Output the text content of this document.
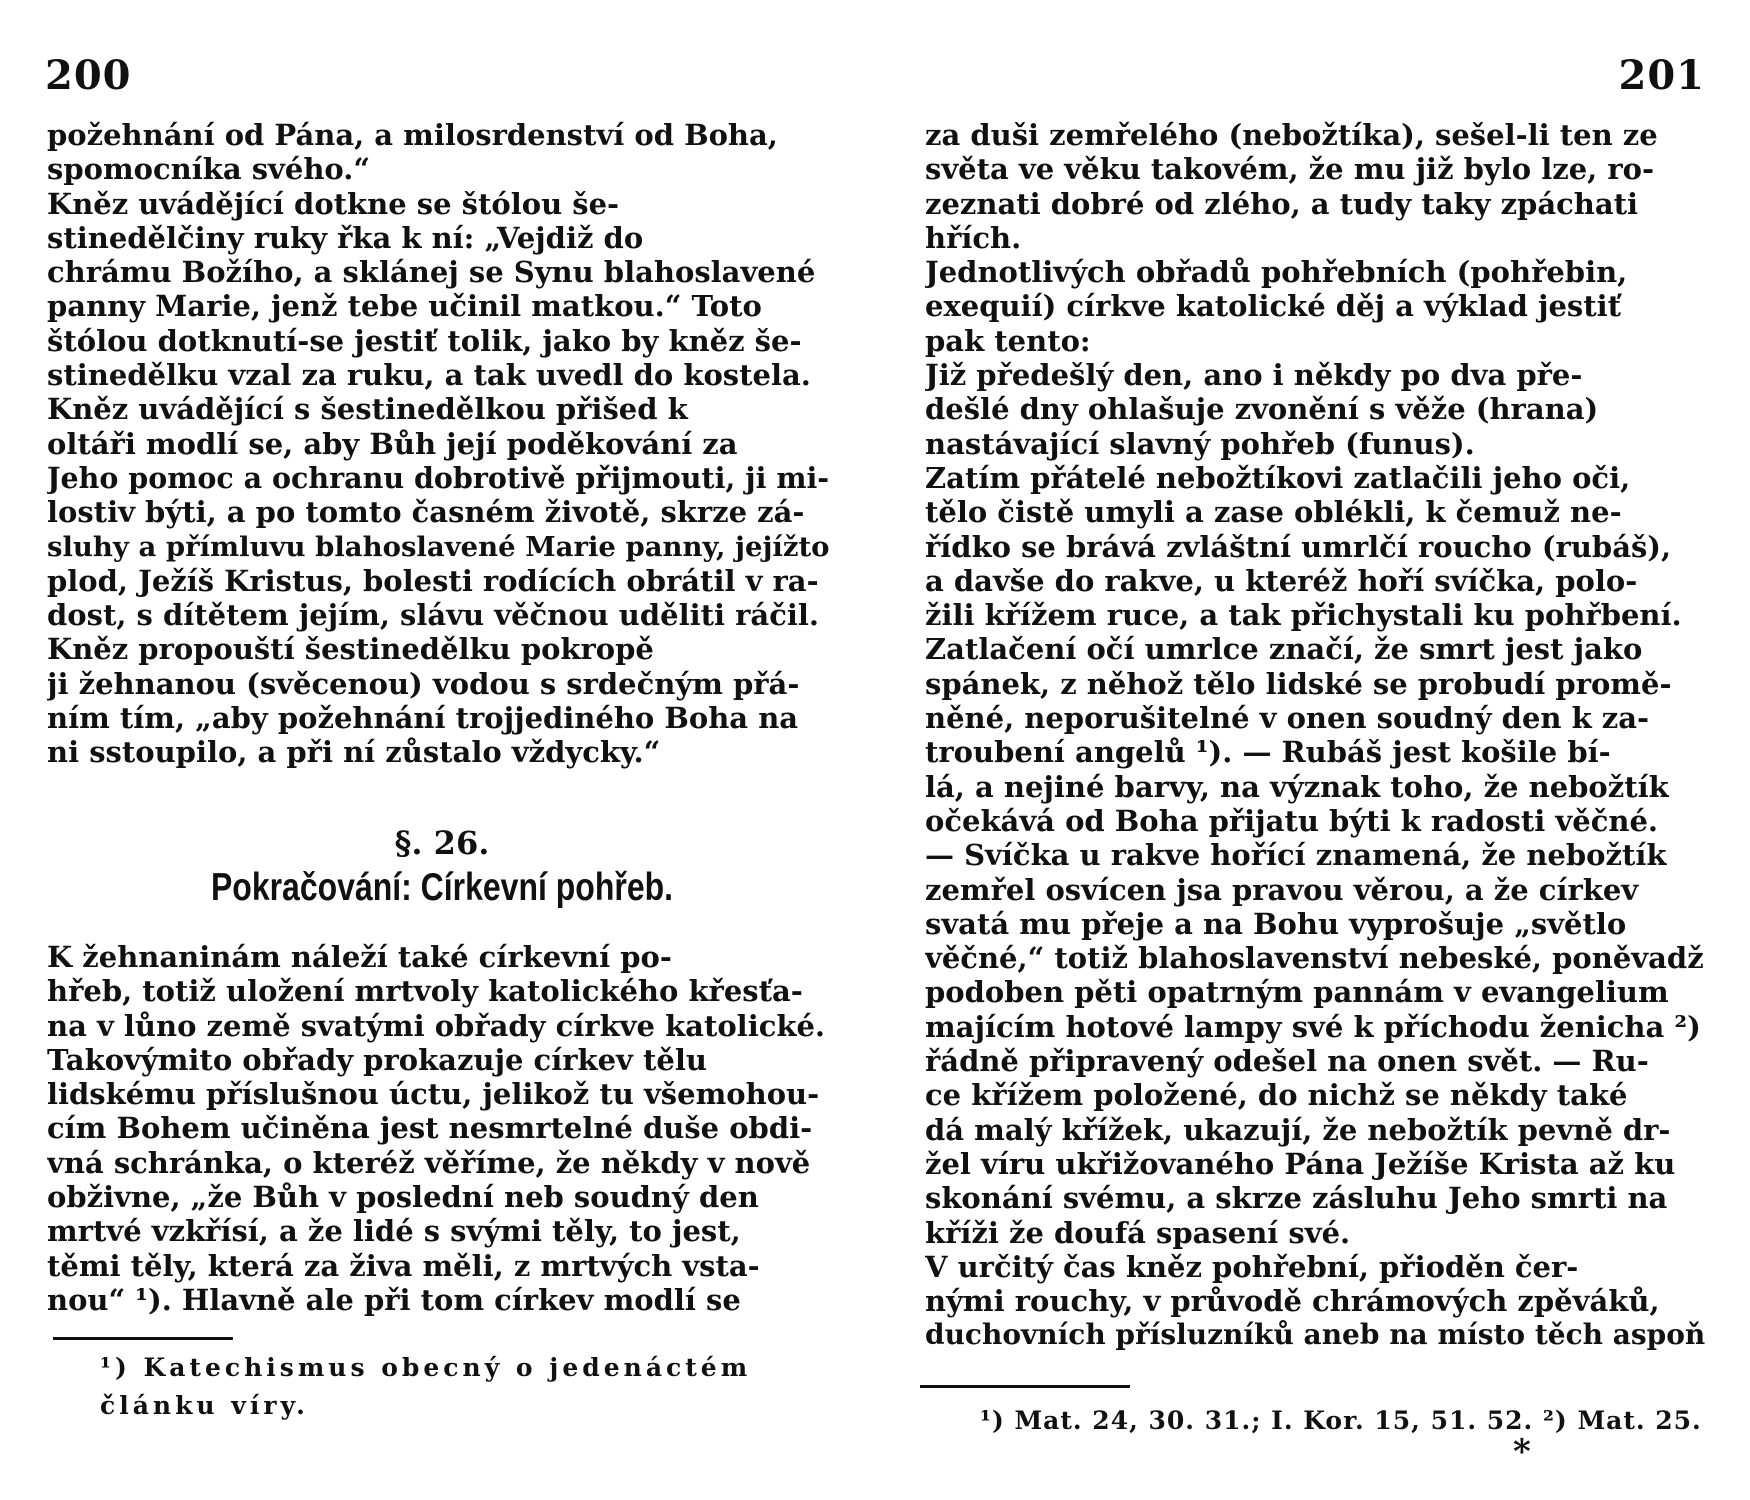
200
požehnání od Pána, a milosrdenství od Boha,
spomocníka svého.“
Kněz uvádějící dotkne se štólou še-
stinedělčiny ruky řka k ní: „Vejdiž do
chrámu Božího, a sklánej se Synu blahoslavené
panny Marie, jenž tebe učinil matkou.“ Toto
štólou dotknutí-se jestiť tolik, jako by kněz še-
stinedělku vzal za ruku, a tak uvedl do kostela.
Kněz uvádějící s šestinedělkou přišed k
oltáři modlí se, aby Bůh její poděkování za
Jeho pomoc a ochranu dobrotivě přijmouti, ji mi-
lostiv býti, a po tomto časném životě, skrze zá-
sluhy a přímluvu blahoslavené Marie panny, jejížto
plod, Ježíš Kristus, bolesti rodících obrátil v ra-
dost, s dítětem jejím, slávu věčnou uděliti ráčil.
Kněz propouští šestinedělku pokropě
ji žehnanou (svěcenou) vodou s srdečným přá-
ním tím, „aby požehnání trojjediného Boha na
ni sstoupilo, a při ní zůstalo vždycky.“
§. 26.
Pokračování: Církevní pohřeb.
K žehnaninám náleží také církevní po-
hřeb, totiž uložení mrtvoly katolického křesťa-
na v lůno země svatými obřady církve katolické.
Takovýmito obřady prokazuje církev tělu
lidskému příslušnou úctu, jelikož tu všemohou-
cím Bohem učiněna jest nesmrtelné duše obdi-
vná schránka, o kteréž věříme, že někdy v nově
obživne, „že Bůh v poslední neb soudný den
mrtvé vzkřísí, a že lidé s svými těly, to jest,
těmi těly, která za živa měli, z mrtvých vsta-
nou“ ¹). Hlavně ale při tom církev modlí se
¹) Katechismus obecný o jedenáctém
článku víry.
201
za duši zemřelého (nebožtíka), sešel-li ten ze
světa ve věku takovém, že mu již bylo lze, ro-
zeznati dobré od zlého, a tudy taky zpáchati
hřích.
Jednotlivých obřadů pohřebních (pohřebin,
exequií) církve katolické děj a výklad jestiť
pak tento:
Již předešlý den, ano i někdy po dva pře-
dešlé dny ohlašuje zvonění s věže (hrana)
nastávající slavný pohřeb (funus).
Zatím přátelé nebožtíkovi zatlačili jeho oči,
tělo čistě umyli a zase oblékli, k čemuž ne-
řídko se brává zvláštní umrlčí roucho (rubáš),
a davše do rakve, u kteréž hoří svíčka, polo-
žili křížem ruce, a tak přichystali ku pohřbení.
Zatlačení očí umrlce značí, že smrt jest jako
spánek, z něhož tělo lidské se probudí promě-
něné, neporušitelné v onen soudný den k za-
troubení angelů ¹). — Rubáš jest košile bí-
lá, a nejiné barvy, na význak toho, že nebožtík
očekává od Boha přijatu býti k radosti věčné.
— Svíčka u rakve hořící znamená, že nebožtík
zemřel osvícen jsa pravou věrou, a že církev
svatá mu přeje a na Bohu vyprošuje „světlo
věčné,“ totiž blahoslavenství nebeské, poněvadž
podoben pěti opatrným pannám v evangelium
majícím hotové lampy své k příchodu ženicha ²)
řádně připravený odešel na onen svět. — Ru-
ce křížem položené, do nichž se někdy také
dá malý křížek, ukazují, že nebožtík pevně dr-
žel víru ukřižovaného Pána Ježíše Krista až ku
skonání svému, a skrze zásluhu Jeho smrti na
kříži že doufá spasení své.
V určitý čas kněz pohřební, přioděn čer-
nými rouchy, v průvodě chrámových zpěváků,
duchovních přísluzníků aneb na místo těch aspoň
¹) Mat. 24, 30. 31.; I. Kor. 15, 51. 52. ²) Mat. 25.
*
